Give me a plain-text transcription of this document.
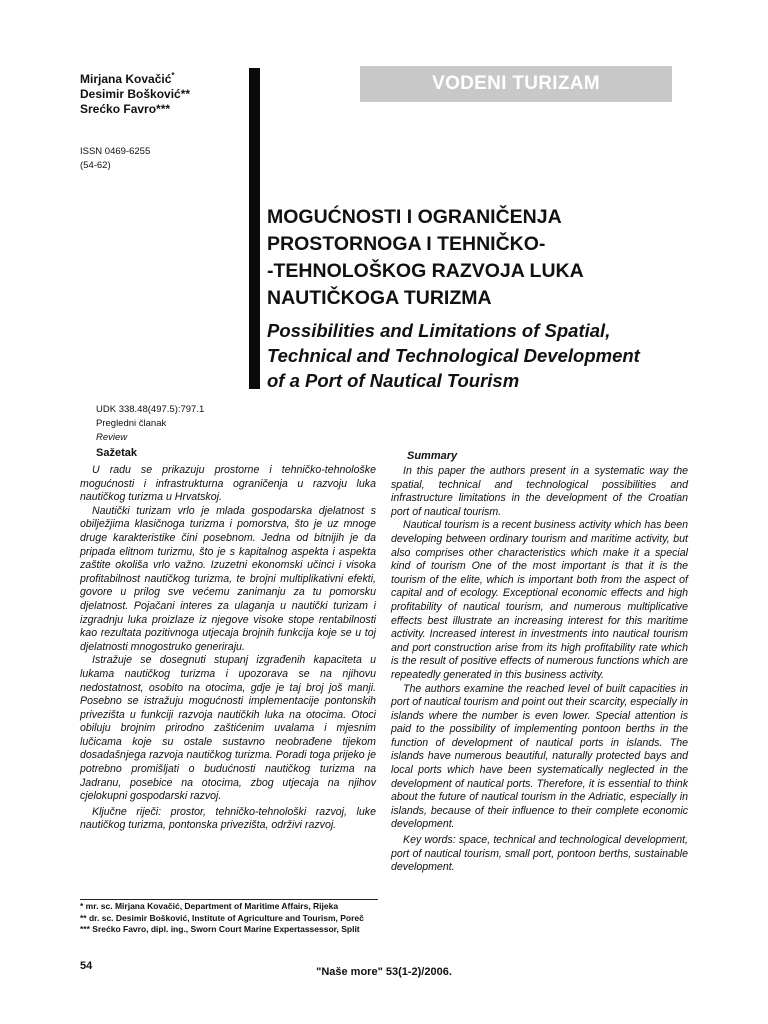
Mirjana Kovačić*
Desimir Bošković**
Srećko Favro***
ISSN 0469-6255
(54-62)
VODENI TURIZAM
MOGUĆNOSTI I OGRANIČENJA
PROSTORNOGA I TEHNIČKO-
-TEHNOLOŠKOG RAZVOJA LUKA
NAUTIČKOGA TURIZMA
Possibilities and Limitations of Spatial,
Technical and Technological Development
of a Port of Nautical Tourism
UDK 338.48(497.5):797.1
Pregledni članak
Review
Sažetak

U radu se prikazuju prostorne i tehničko-tehnološke mogućnosti i infrastrukturna ograničenja u razvoju luka nautičkog turizma u Hrvatskoj.

Nautički turizam vrlo je mlada gospodarska djelatnost s obilježjima klasičnoga turizma i pomorstva, što je uz mnoge druge karakteristike čini posebnom. Jedna od bitnijih je da pripada elitnom turizmu, što je s kapitalnog aspekta i aspekta zaštite okoliša vrlo važno. Izuzetni ekonomski učinci i visoka profitabilnost nautičkog turizma, te brojni multiplikativni efekti, govore u prilog sve većemu zanimanju za tu pomorsku djelatnost. Pojačani interes za ulaganja u nautički turizam i izgradnju luka proizlaze iz njegove visoke stope rentabilnosti kao rezultata pozitivnoga utjecaja brojnih funkcija koje se u toj djelatnosti mnogostruko generiraju.

Istražuje se dosegnuti stupanj izgrađenih kapaciteta u lukama nautičkog turizma i upozorava se na njihovu nedostatnost, osobito na otocima, gdje je taj broj još manji. Posebno se istražuju mogućnosti implementacije pontonskih privezišta u funkciji razvoja nautičkih luka na otocima. Otoci obiluju brojnim prirodno zaštićenim uvalama i mjesnim lučicama koje su ostale sustavno neobrađene tijekom dosadašnjega razvoja nautičkog turizma. Poradi toga prijeko je potrebno promišljati o budućnosti nautičkog turizma na Jadranu, posebice na otocima, zbog utjecaja na njihov cjelokupni gospodarski razvoj.

Ključne riječi: prostor, tehničko-tehnološki razvoj, luke nautičkog turizma, pontonska privezišta, održivi razvoj.

Summary

In this paper the authors present in a systematic way the spatial, technical and technological possibilities and infrastructure limitations in the development of the Croatian port of nautical tourism.

Nautical tourism is a recent business activity which has been developing between ordinary tourism and maritime activity, but also comprises other characteristics which make it a special kind of tourism One of the most important is that it is the tourism of the elite, which is important both from the aspect of capital and of ecology. Exceptional economic effects and high profitability of nautical tourism, and numerous multiplicative effects best illustrate an increasing interest for this maritime activity. Increased interest in investments into nautical tourism and port construction arise from its high profitability rate which is the result of positive effects of numerous functions which are repeatedly generated in this business activity.

The authors examine the reached level of built capacities in port of nautical tourism and point out their scarcity, especially in islands where the number is even lower. Special attention is paid to the possibility of implementing pontoon berths in the function of development of nautical ports in islands. The islands have numerous beautiful, naturally protected bays and local ports which have been systematically neglected in the development of nautical ports. Therefore, it is essential to think about the future of nautical tourism in the Adriatic, especially in islands, because of their influence to their complete economic development.

Key words: space, technical and technological development, port of nautical tourism, small port, pontoon berths, sustainable development.

* mr. sc. Mirjana Kovačić, Department of Maritime Affairs, Rijeka
** dr. sc. Desimir Bošković, Institute of Agriculture and Tourism, Poreč
*** Srećko Favro, dipl. ing., Sworn Court Marine Expertassessor, Split
54	"Naše more" 53(1-2)/2006.
